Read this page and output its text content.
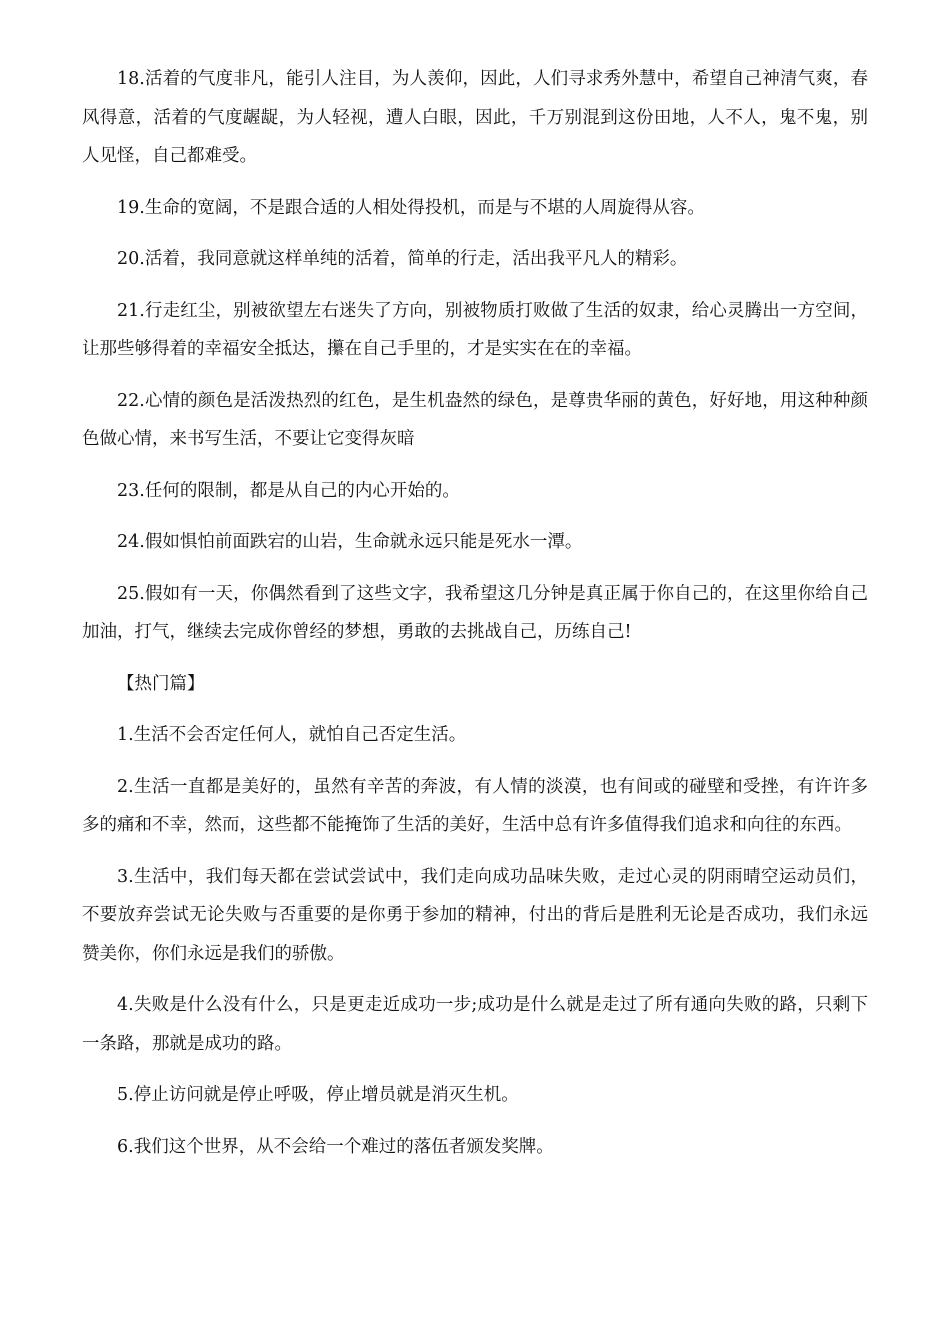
18.活着的气度非凡，能引人注目，为人羡仰，因此，人们寻求秀外慧中，希望自己神清气爽，春风得意，活着的气度龌龊，为人轻视，遭人白眼，因此，千万别混到这份田地，人不人，鬼不鬼，别人见怪，自己都难受。

19.生命的宽阔，不是跟合适的人相处得投机，而是与不堪的人周旋得从容。

20.活着，我同意就这样单纯的活着，简单的行走，活出我平凡人的精彩。

21.行走红尘，别被欲望左右迷失了方向，别被物质打败做了生活的奴隶，给心灵腾出一方空间，让那些够得着的幸福安全抵达，攥在自己手里的，才是实实在在的幸福。

22.心情的颜色是活泼热烈的红色，是生机盎然的绿色，是尊贵华丽的黄色，好好地，用这种种颜色做心情，来书写生活，不要让它变得灰暗

23.任何的限制，都是从自己的内心开始的。

24.假如惧怕前面跌宕的山岩，生命就永远只能是死水一潭。

25.假如有一天，你偶然看到了这些文字，我希望这几分钟是真正属于你自己的，在这里你给自己加油，打气，继续去完成你曾经的梦想，勇敢的去挑战自己，历练自己!

【热门篇】

1.生活不会否定任何人，就怕自己否定生活。

2.生活一直都是美好的，虽然有辛苦的奔波，有人情的淡漠，也有间或的碰壁和受挫，有许许多多的痛和不幸，然而，这些都不能掩饰了生活的美好，生活中总有许多值得我们追求和向往的东西。

3.生活中，我们每天都在尝试尝试中，我们走向成功品味失败，走过心灵的阴雨晴空运动员们，不要放弃尝试无论失败与否重要的是你勇于参加的精神，付出的背后是胜利无论是否成功，我们永远赞美你，你们永远是我们的骄傲。

4.失败是什么没有什么，只是更走近成功一步;成功是什么就是走过了所有通向失败的路，只剩下一条路，那就是成功的路。

5.停止访问就是停止呼吸，停止增员就是消灭生机。

6.我们这个世界，从不会给一个难过的落伍者颁发奖牌。
